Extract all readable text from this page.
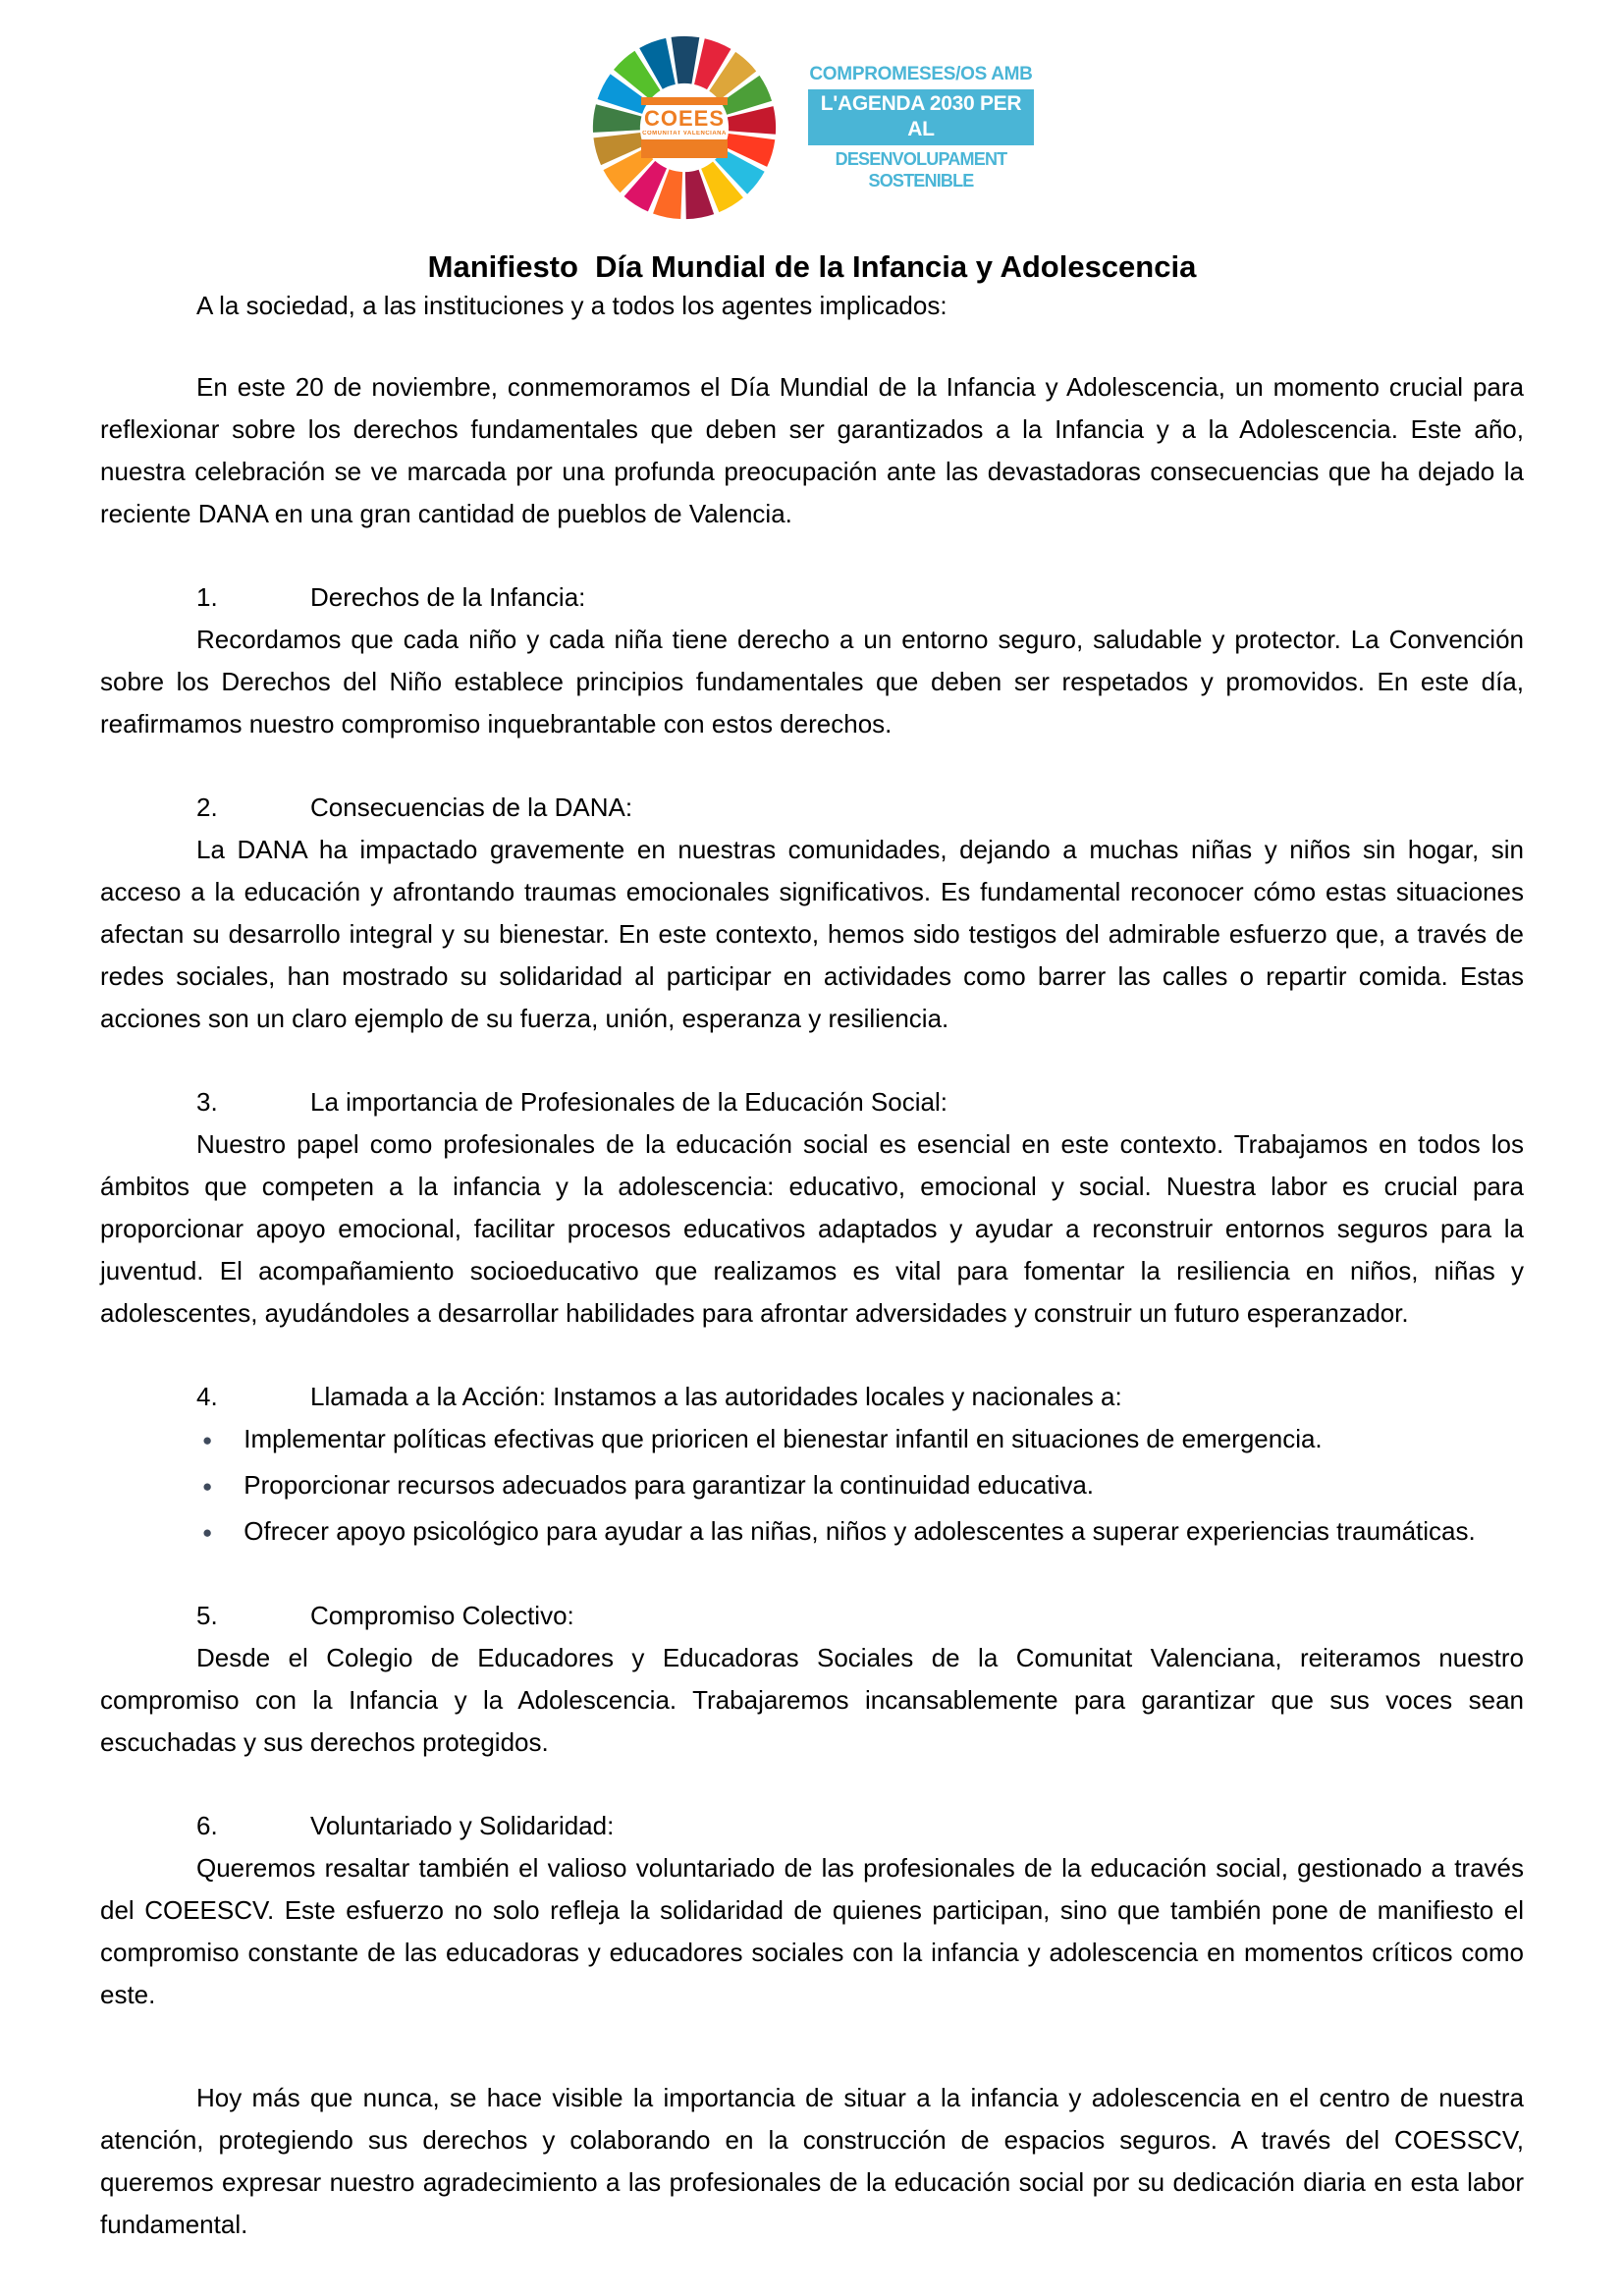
COEES
COMUNITAT VALENCIANA
COMPROMESES/OS AMB
L'AGENDA 2030 PER AL
DESENVOLUPAMENT SOSTENIBLE
Manifiesto  Día Mundial de la Infancia y Adolescencia

A la sociedad, a las instituciones y a todos los agentes implicados:

En este 20 de noviembre, conmemoramos el Día Mundial de la Infancia y Adolescencia, un momento crucial para reflexionar sobre los derechos fundamentales que deben ser garantizados a la Infancia y a la Adolescencia. Este año, nuestra celebración se ve marcada por una profunda preocupación ante las devastadoras consecuencias que ha dejado la reciente DANA en una gran cantidad de pueblos de Valencia.

1.	Derechos de la Infancia:

Recordamos que cada niño y cada niña tiene derecho a un entorno seguro, saludable y protector. La Convención sobre los Derechos del Niño establece principios fundamentales que deben ser respetados y promovidos. En este día, reafirmamos nuestro compromiso inquebrantable con estos derechos.

2.	Consecuencias de la DANA:

La DANA ha impactado gravemente en nuestras comunidades, dejando a muchas niñas y niños sin hogar, sin acceso a la educación y afrontando traumas emocionales significativos. Es fundamental reconocer cómo estas situaciones afectan su desarrollo integral y su bienestar. En este contexto, hemos sido testigos del admirable esfuerzo que, a través de redes sociales, han mostrado su solidaridad al participar en actividades como barrer las calles o repartir comida. Estas acciones son un claro ejemplo de su fuerza, unión, esperanza y resiliencia.

3.	La importancia de Profesionales de la Educación Social:

Nuestro papel como profesionales de la educación social es esencial en este contexto. Trabajamos en todos los ámbitos que competen a la infancia y la adolescencia: educativo, emocional y social. Nuestra labor es crucial para proporcionar apoyo emocional, facilitar procesos educativos adaptados y ayudar a reconstruir entornos seguros para la juventud. El acompañamiento socioeducativo que realizamos es vital para fomentar la resiliencia en niños, niñas y adolescentes, ayudándoles a desarrollar habilidades para afrontar adversidades y construir un futuro esperanzador.

4.	Llamada a la Acción: Instamos a las autoridades locales y nacionales a:

● Implementar políticas efectivas que prioricen el bienestar infantil en situaciones de emergencia.

● Proporcionar recursos adecuados para garantizar la continuidad educativa.

● Ofrecer apoyo psicológico para ayudar a las niñas, niños y adolescentes a superar experiencias traumáticas.

5.	Compromiso Colectivo:

Desde el Colegio de Educadores y Educadoras Sociales de la Comunitat Valenciana, reiteramos nuestro compromiso con la Infancia y la Adolescencia. Trabajaremos incansablemente para garantizar que sus voces sean escuchadas y sus derechos protegidos.

6.	Voluntariado y Solidaridad:

Queremos resaltar también el valioso voluntariado de las profesionales de la educación social, gestionado a través del COEESCV. Este esfuerzo no solo refleja la solidaridad de quienes participan, sino que también pone de manifiesto el compromiso constante de las educadoras y educadores sociales con la infancia y adolescencia en momentos críticos como este.

Hoy más que nunca, se hace visible la importancia de situar a la infancia y adolescencia en el centro de nuestra atención, protegiendo sus derechos y colaborando en la construcción de espacios seguros. A través del COESSCV, queremos expresar nuestro agradecimiento a las profesionales de la educación social por su dedicación diaria en esta labor fundamental.
